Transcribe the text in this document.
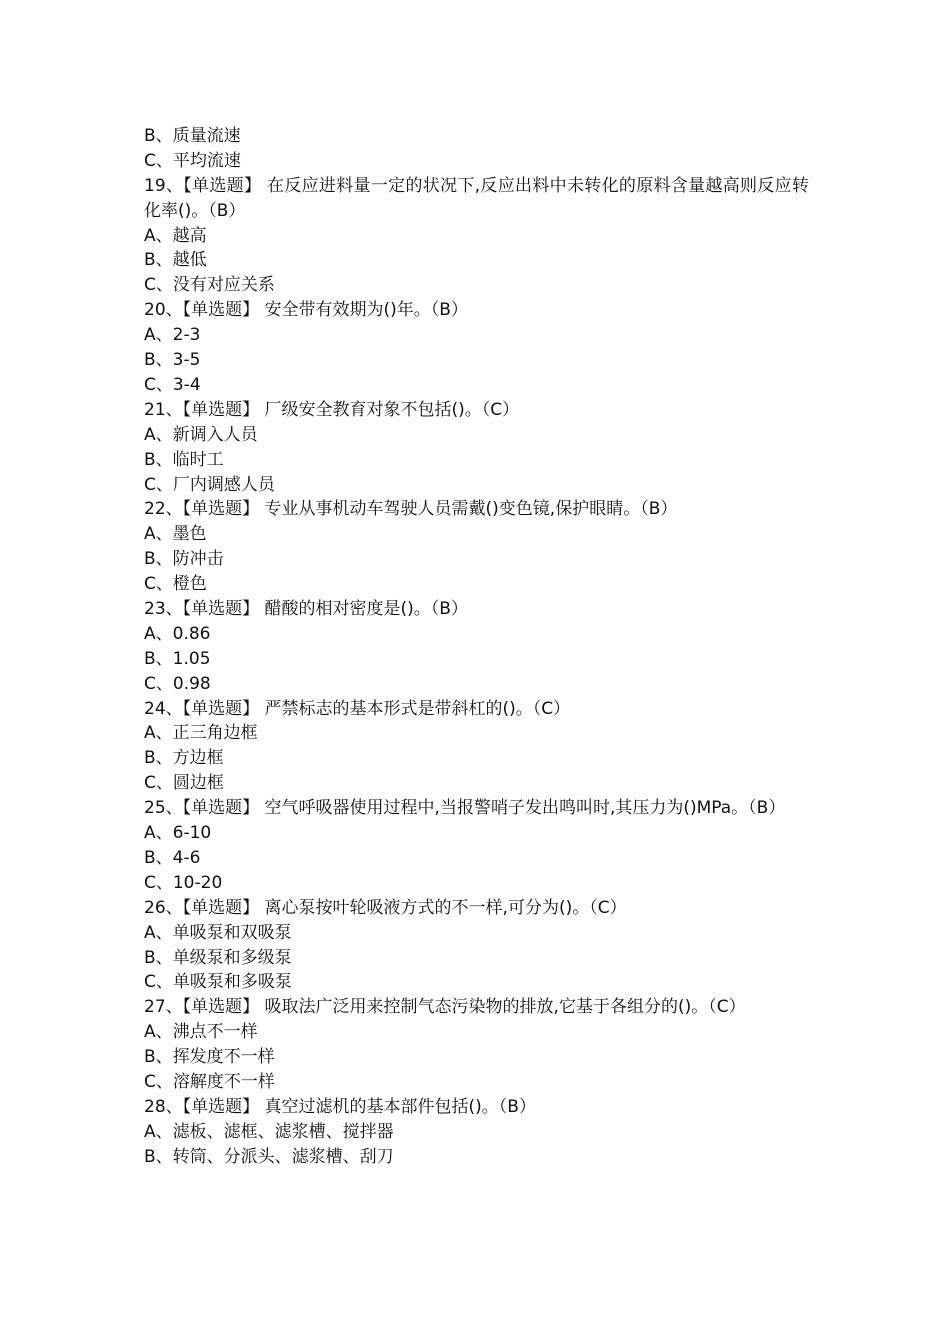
B、质量流速
C、平均流速
19、【单选题】 在反应进料量一定的状况下,反应出料中未转化的原料含量越高则反应转化率()。（B）
A、越高
B、越低
C、没有对应关系
20、【单选题】 安全带有效期为()年。（B）
A、2-3
B、3-5
C、3-4
21、【单选题】 厂级安全教育对象不包括()。（C）
A、新调入人员
B、临时工
C、厂内调感人员
22、【单选题】 专业从事机动车驾驶人员需戴()变色镜,保护眼睛。（B）
A、墨色
B、防冲击
C、橙色
23、【单选题】 醋酸的相对密度是()。（B）
A、0.86
B、1.05
C、0.98
24、【单选题】 严禁标志的基本形式是带斜杠的()。（C）
A、正三角边框
B、方边框
C、圆边框
25、【单选题】 空气呼吸器使用过程中,当报警哨子发出鸣叫时,其压力为()MPa。（B）
A、6-10
B、4-6
C、10-20
26、【单选题】 离心泵按叶轮吸液方式的不一样,可分为()。（C）
A、单吸泵和双吸泵
B、单级泵和多级泵
C、单吸泵和多吸泵
27、【单选题】 吸取法广泛用来控制气态污染物的排放,它基于各组分的()。（C）
A、沸点不一样
B、挥发度不一样
C、溶解度不一样
28、【单选题】 真空过滤机的基本部件包括()。（B）
A、滤板、滤框、滤浆槽、搅拌器
B、转筒、分派头、滤浆槽、刮刀
